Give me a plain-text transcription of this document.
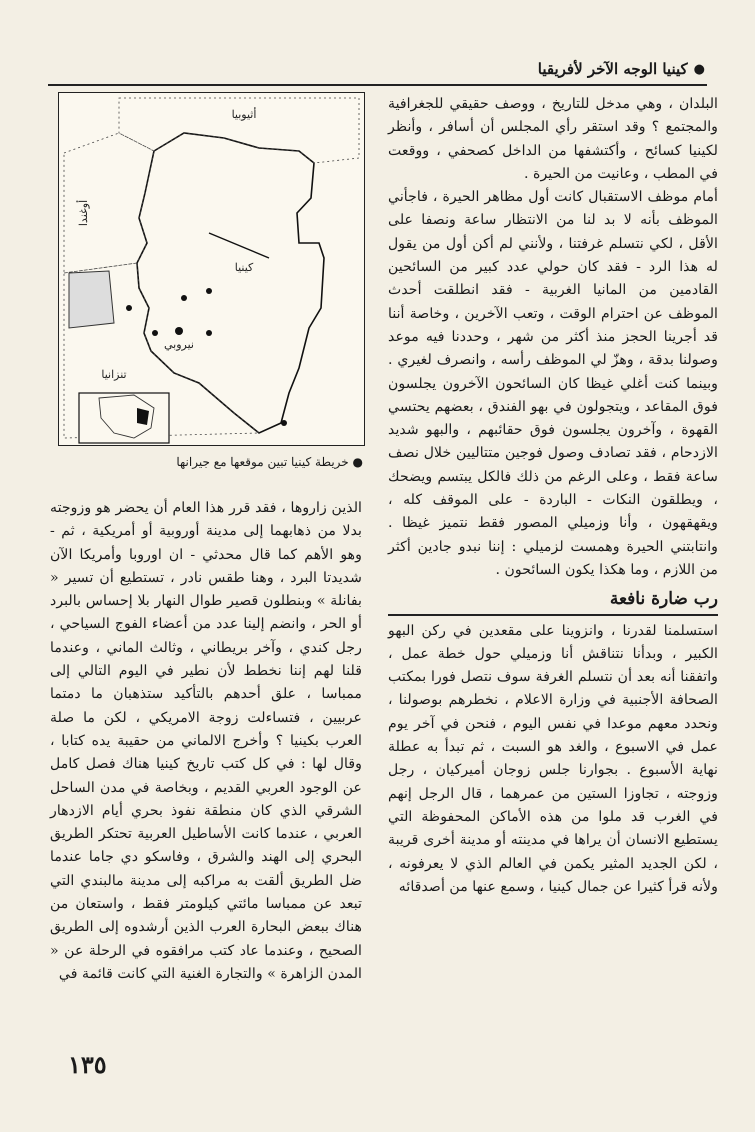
●
كينيا الوجه الآخر لأفريقيا
أثيوبيا
أوغندا
كينيا
نيروبي
تنزانيا
● خريطة كينيا تبين موقعها مع جيرانها

البلدان ، وهي مدخل للتاريخ ، ووصف حقيقي للجغرافية والمجتمع ؟ وقد استقر رأي المجلس أن أسافر ، وأنظر لكينيا كسائح ، وأكتشفها من الداخل كصحفي ، ووقعت في المطب ، وعانيت من الحيرة .

أمام موظف الاستقبال كانت أول مظاهر الحيرة ، فاجأني الموظف بأنه لا بد لنا من الانتظار ساعة ونصفا على الأقل ، لكي نتسلم غرفتنا ، ولأنني لم أكن أول من يقول له هذا الرد - فقد كان حولي عدد كبير من السائحين القادمين من المانيا الغربية - فقد انطلقت أحدث الموظف عن احترام الوقت ، وتعب الآخرين ، وخاصة أننا قد أجرينا الحجز منذ أكثر من شهر ، وحددنا فيه موعد وصولنا بدقة ، وهزّ لي الموظف رأسه ، وانصرف لغيري . وبينما كنت أغلي غيظا كان السائحون الآخرون يجلسون فوق المقاعد ، ويتجولون في بهو الفندق ، بعضهم يحتسي القهوة ، وآخرون يجلسون فوق حقائبهم ، والبهو شديد الازدحام ، فقد تصادف وصول فوجين متتاليين خلال نصف ساعة فقط ، وعلى الرغم من ذلك فالكل يبتسم ويضحك ، ويطلقون النكات - الباردة - على الموقف كله ، ويقهقهون ، وأنا وزميلي المصور فقط نتميز غيظا . وانتابتني الحيرة وهمست لزميلي : إننا نبدو جادين أكثر من اللازم ، وما هكذا يكون السائحون .

رب ضارة نافعة

استسلمنا لقدرنا ، وانزوينا على مقعدين في ركن البهو الكبير ، وبدأنا نتناقش أنا وزميلي حول خطة عمل ، واتفقنا أنه بعد أن نتسلم الغرفة سوف نتصل فورا بمكتب الصحافة الأجنبية في وزارة الاعلام ، نخطرهم بوصولنا ، ونحدد معهم موعدا في نفس اليوم ، فنحن في آخر يوم عمل في الاسبوع ، والغد هو السبت ، ثم تبدأ به عطلة نهاية الأسبوع . بجوارنا جلس زوجان أميركيان ، رجل وزوجته ، تجاوزا الستين من عمرهما ، قال الرجل إنهم في الغرب قد ملوا من هذه الأماكن المحفوظة التي يستطيع الانسان أن يراها في مدينته أو مدينة أخرى قريبة ، لكن الجديد المثير يكمن في العالم الذي لا يعرفونه ، ولأنه قرأ كثيرا عن جمال كينيا ، وسمع عنها من أصدقائه

الذين زاروها ، فقد قرر هذا العام أن يحضر هو وزوجته بدلا من ذهابهما إلى مدينة أوروبية أو أمريكية ، ثم - وهو الأهم كما قال محدثي - ان اوروبا وأمريكا الآن شديدتا البرد ، وهنا طقس نادر ، تستطيع أن تسير « بفانلة » وبنطلون قصير طوال النهار بلا إحساس بالبرد أو الحر ، وانضم إلينا عدد من أعضاء الفوج السياحي ، رجل كندي ، وآخر بريطاني ، وثالث الماني ، وعندما قلنا لهم إننا نخطط لأن نطير في اليوم التالي إلى ممباسا ، علق أحدهم بالتأكيد ستذهبان ما دمتما عربيين ، فتساءلت زوجة الامريكي ، لكن ما صلة العرب بكينيا ؟ وأخرج الالماني من حقيبة يده كتابا ، وقال لها : في كل كتب تاريخ كينيا هناك فصل كامل عن الوجود العربي القديم ، وبخاصة في مدن الساحل الشرقي الذي كان منطقة نفوذ بحري أيام الازدهار العربي ، عندما كانت الأساطيل العربية تحتكر الطريق البحري إلى الهند والشرق ، وفاسكو دي جاما عندما ضل الطريق ألقت به مراكبه إلى مدينة مالبندي التي تبعد عن ممباسا مائتي كيلومتر فقط ، واستعان من هناك ببعض البحارة العرب الذين أرشدوه إلى الطريق الصحيح ، وعندما عاد كتب مرافقوه في الرحلة عن « المدن الزاهرة » والتجارة الغنية التي كانت قائمة في

١٣٥
